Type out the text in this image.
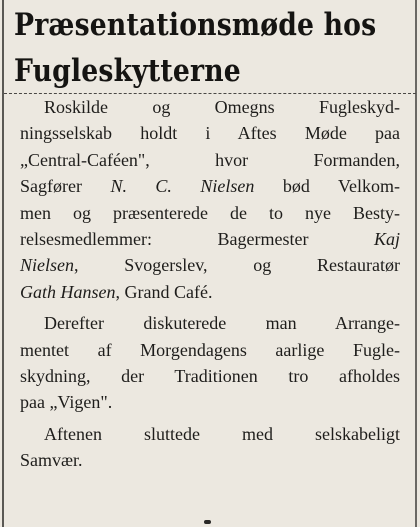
Præsentationsmøde hos
Fugleskytterne
Roskilde og Omegns Fugleskyd-
ningsselskab holdt i Aftes Møde paa
„Central-Caféen", hvor Formanden,
Sagfører N. C. Nielsen bød Velkom-
men og præsenterede de to nye Besty-
relsesmedlemmer: Bagermester Kaj
Nielsen, Svogerslev, og Restauratør
Gath Hansen, Grand Café.
Derefter diskuterede man Arrange-
mentet af Morgendagens aarlige Fugle-
skydning, der Traditionen tro afholdes
paa „Vigen".
Aftenen sluttede med selskabeligt
Samvær.
